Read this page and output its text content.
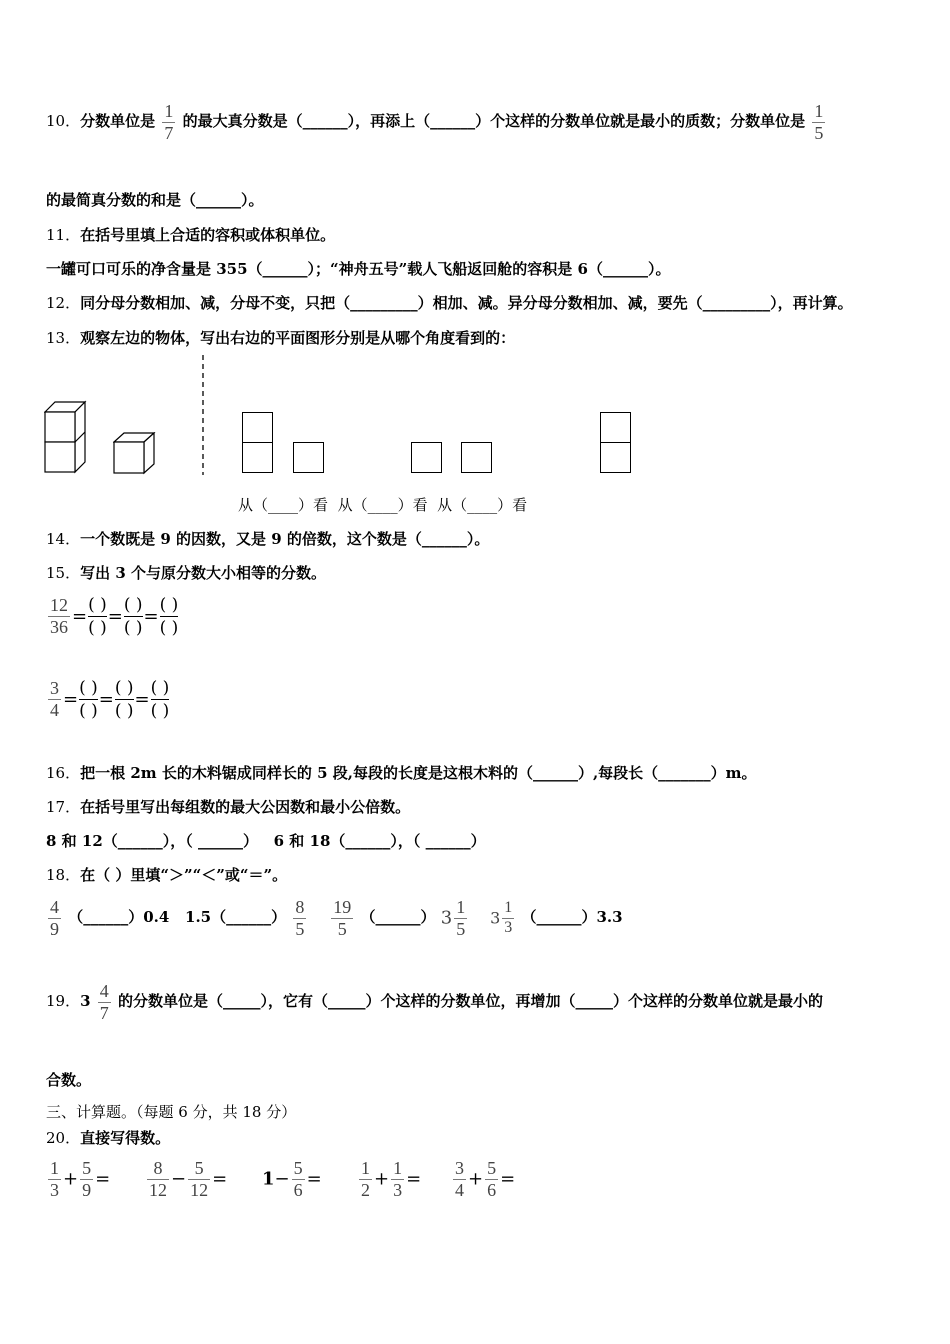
10．分数单位是 $\frac{1}{7}$ 的最大真分数是（______），再添上（______）个这样的分数单位就是最小的质数；分数单位是 $\frac{1}{5}$
的最简真分数的和是（______）。
11．在括号里填上合适的容积或体积单位。
一罐可口可乐的净含量是 355（______）；“神舟五号”载人飞船返回舱的容积是 6（______）。
12．同分母分数相加、减，分母不变，只把（_________）相加、减。异分母分数相加、减，要先（_________），再计算。
13．观察左边的物体，写出右边的平面图形分别是从哪个角度看到的：
从（____）看 从（____）看 从（____）看
14．一个数既是 9 的因数，又是 9 的倍数，这个数是（______）。
15．写出 3 个与原分数大小相等的分数。
$\frac{12}{36} = \frac{( )}{( )} = \frac{( )}{( )} = \frac{( )}{( )}$
$\frac{3}{4} = \frac{( )}{( )} = \frac{( )}{( )} = \frac{( )}{( )}$
16．把一根 2m 长的木料锯成同样长的 5 段,每段的长度是这根木料的（______）,每段长（_______）m。
17．在括号里写出每组数的最大公因数和最小公倍数。
8 和 12（______），（ ______）   6 和 18（______），（ ______）
18．在（ ）里填“＞”“＜”或“＝”。
$\frac{4}{9}$ （______）0.4 1.5（______） $\frac{8}{5}$
$\frac{19}{5}$ （______） $3 \frac{1}{5} 3 \frac{1}{3}$ （______）3.3
19．$3 \frac{4}{7}$ 的分数单位是（_____），它有（_____）个这样的分数单位，再增加（_____）个这样的分数单位就是最小的
合数。
三、计算题。（每题 6 分，共 18 分）
20．直接写得数。
$\frac{1}{3} + \frac{5}{9} = \frac{8}{12} - \frac{5}{12} = 1- \frac{5}{6} = \frac{1}{2} + \frac{1}{3} = \frac{3}{4} + \frac{5}{6}$ =
